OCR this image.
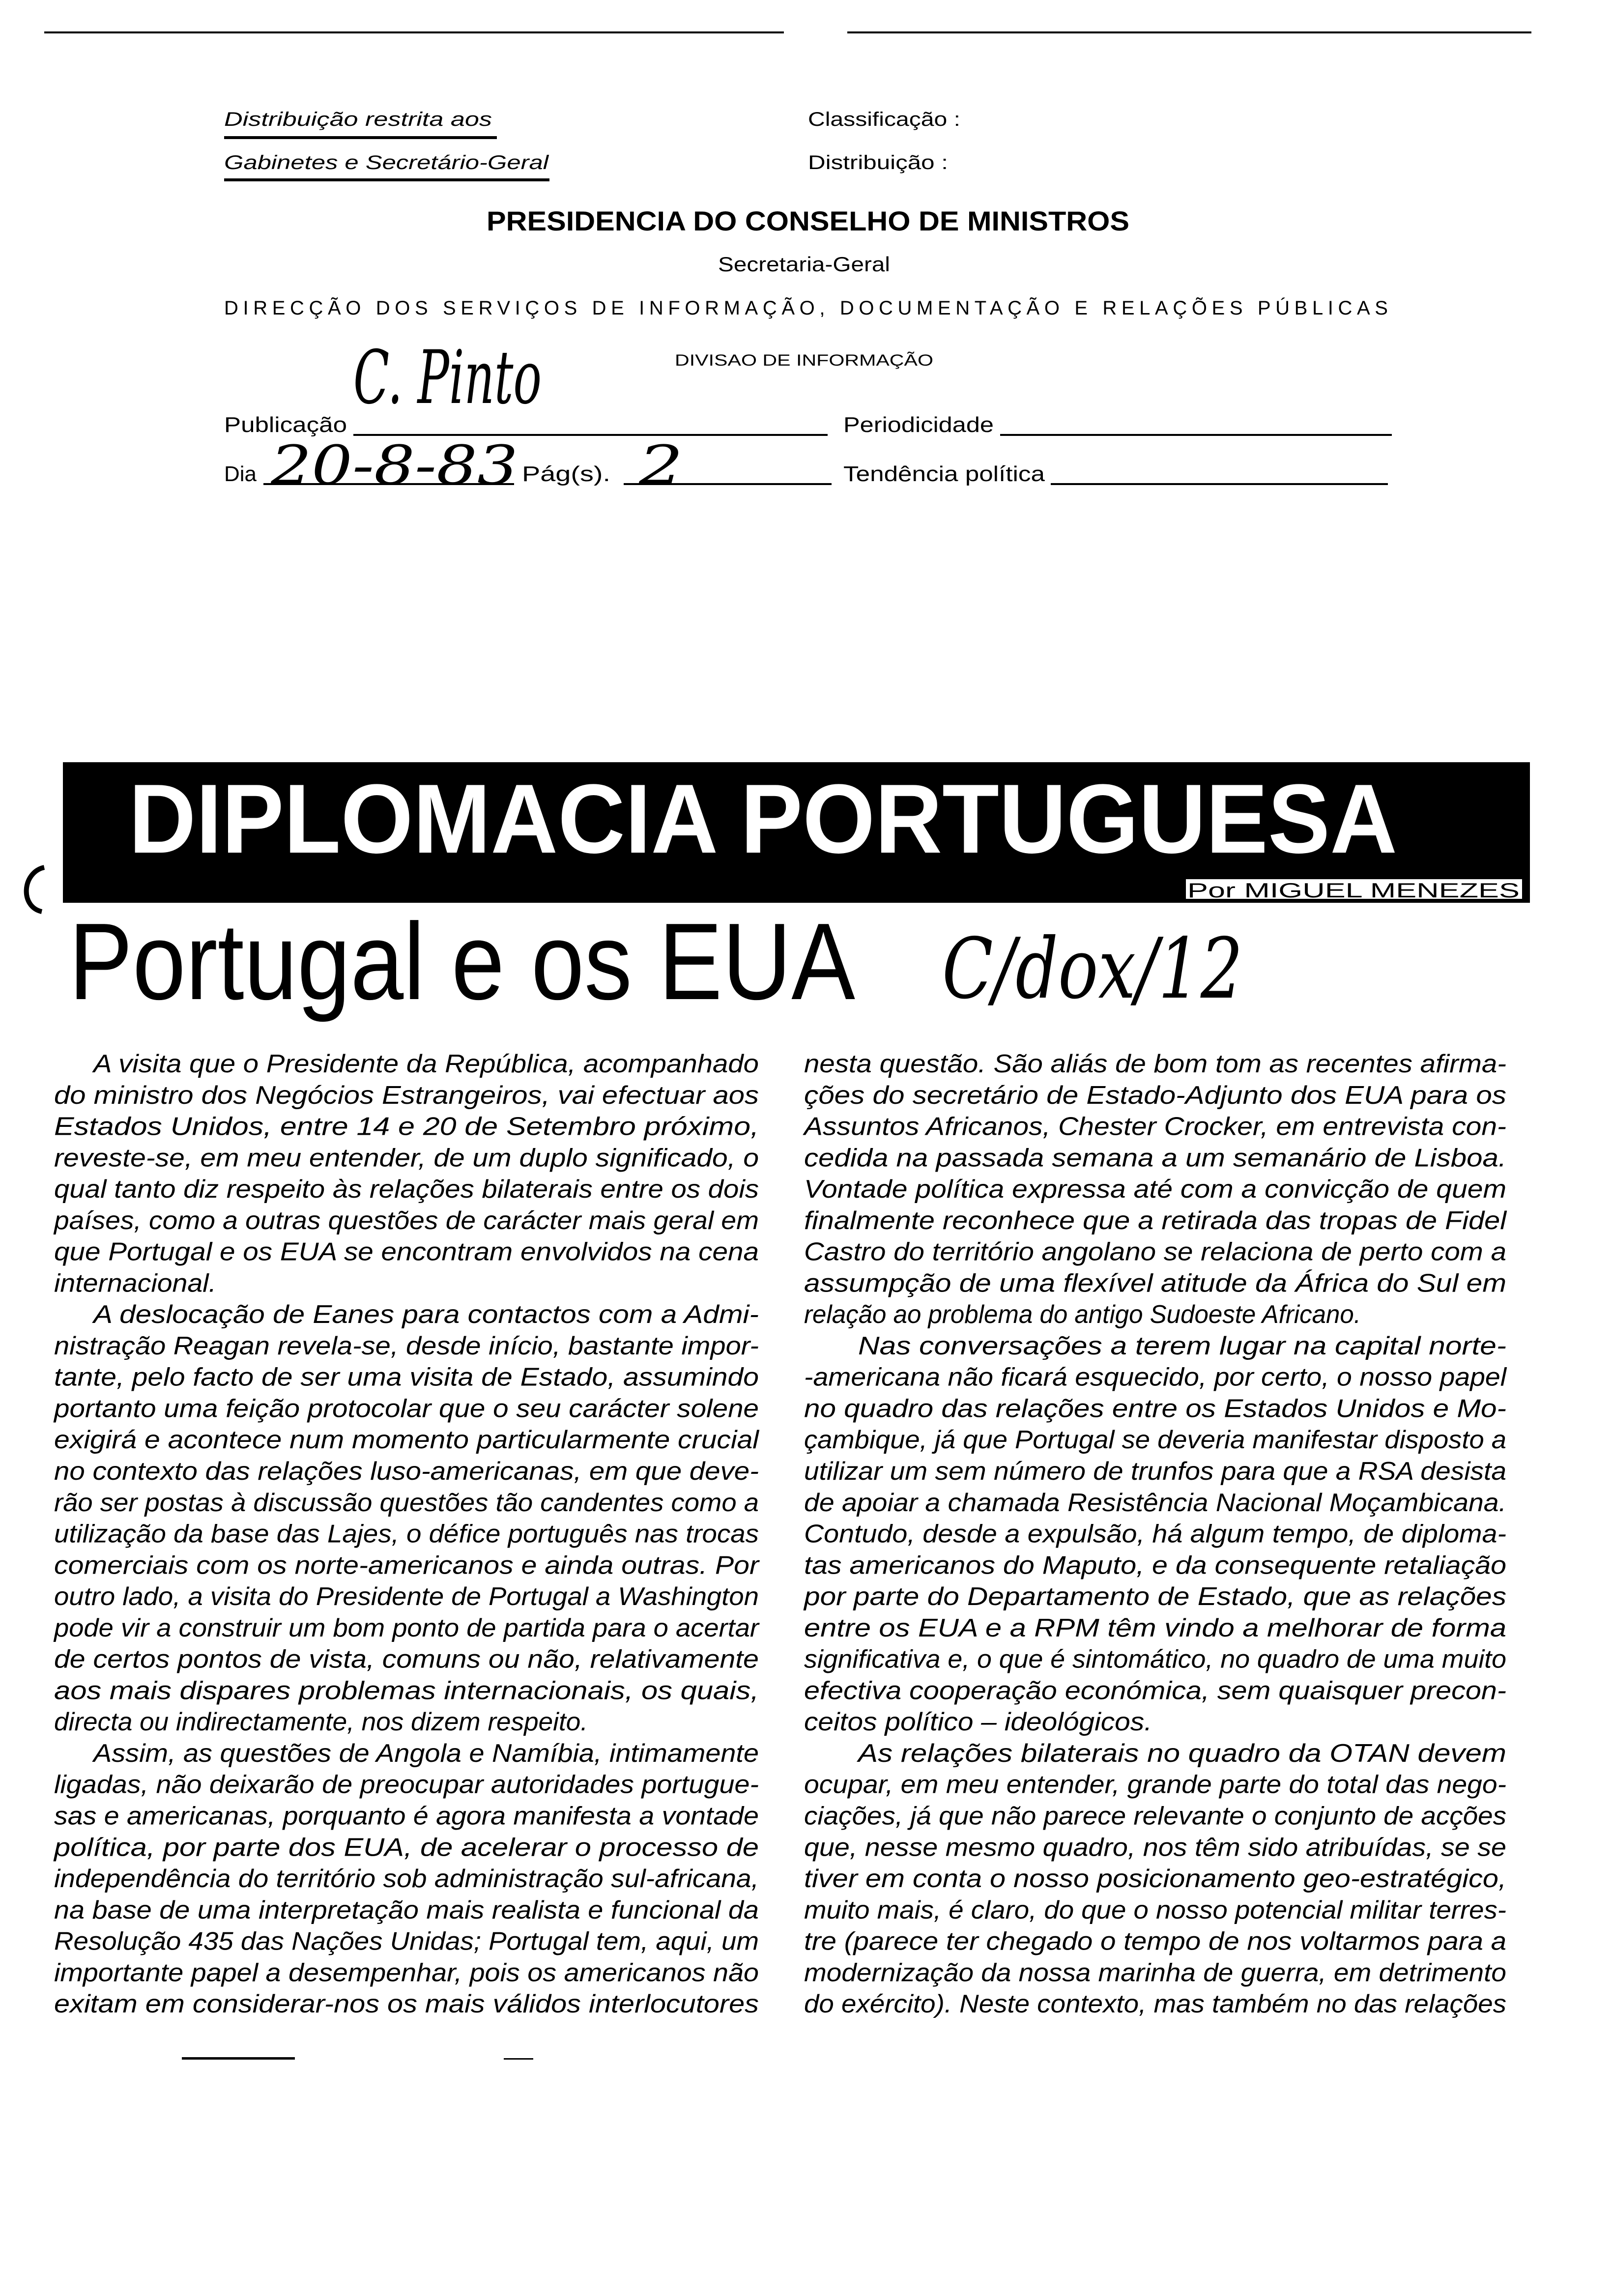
Distribuição restrita aos
Gabinetes e Secretário-Geral
Classificação :
Distribuição :
PRESIDENCIA DO CONSELHO DE MINISTROS
Secretaria-Geral
DIRECÇÃO DOS SERVIÇOS DE INFORMAÇÃO, DOCUMENTAÇÃO E RELAÇÕES PÚBLICAS
DIVISAO DE INFORMAÇÃO
Publicação
C. Pinto
Periodicidade
Dia 20-8-83 Pág(s). 2	Tendência política
DIPLOMACIA PORTUGUESA
Por MIGUEL MENEZES
Portugal e os EUA C/dox/12
A visita que o Presidente da República, acompanhado
do ministro dos Negócios Estrangeiros, vai efectuar aos
Estados Unidos, entre 14 e 20 de Setembro próximo,
reveste-se, em meu entender, de um duplo significado, o
qual tanto diz respeito às relações bilaterais entre os dois
países, como a outras questões de carácter mais geral em
que Portugal e os EUA se encontram envolvidos na cena
internacional.
A deslocação de Eanes para contactos com a Admi-
nistração Reagan revela-se, desde início, bastante impor-
tante, pelo facto de ser uma visita de Estado, assumindo
portanto uma feição protocolar que o seu carácter solene
exigirá e acontece num momento particularmente crucial
no contexto das relações luso-americanas, em que deve-
rão ser postas à discussão questões tão candentes como a
utilização da base das Lajes, o défice português nas trocas
comerciais com os norte-americanos e ainda outras. Por
outro lado, a visita do Presidente de Portugal a Washington
pode vir a construir um bom ponto de partida para o acertar
de certos pontos de vista, comuns ou não, relativamente
aos mais dispares problemas internacionais, os quais,
directa ou indirectamente, nos dizem respeito.
Assim, as questões de Angola e Namíbia, intimamente
ligadas, não deixarão de preocupar autoridades portugue-
sas e americanas, porquanto é agora manifesta a vontade
política, por parte dos EUA, de acelerar o processo de
independência do território sob administração sul-africana,
na base de uma interpretação mais realista e funcional da
Resolução 435 das Nações Unidas; Portugal tem, aqui, um
importante papel a desempenhar, pois os americanos não
exitam em considerar-nos os mais válidos interlocutores
nesta questão. São aliás de bom tom as recentes afirma-
ções do secretário de Estado-Adjunto dos EUA para os
Assuntos Africanos, Chester Crocker, em entrevista con-
cedida na passada semana a um semanário de Lisboa.
Vontade política expressa até com a convicção de quem
finalmente reconhece que a retirada das tropas de Fidel
Castro do território angolano se relaciona de perto com a
assumpção de uma flexível atitude da África do Sul em
relação ao problema do antigo Sudoeste Africano.
Nas conversações a terem lugar na capital norte-
-americana não ficará esquecido, por certo, o nosso papel
no quadro das relações entre os Estados Unidos e Mo-
çambique, já que Portugal se deveria manifestar disposto a
utilizar um sem número de trunfos para que a RSA desista
de apoiar a chamada Resistência Nacional Moçambicana.
Contudo, desde a expulsão, há algum tempo, de diploma-
tas americanos do Maputo, e da consequente retaliação
por parte do Departamento de Estado, que as relações
entre os EUA e a RPM têm vindo a melhorar de forma
significativa e, o que é sintomático, no quadro de uma muito
efectiva cooperação económica, sem quaisquer precon-
ceitos político – ideológicos.
As relações bilaterais no quadro da OTAN devem
ocupar, em meu entender, grande parte do total das nego-
ciações, já que não parece relevante o conjunto de acções
que, nesse mesmo quadro, nos têm sido atribuídas, se se
tiver em conta o nosso posicionamento geo-estratégico,
muito mais, é claro, do que o nosso potencial militar terres-
tre (parece ter chegado o tempo de nos voltarmos para a
modernização da nossa marinha de guerra, em detrimento
do exército). Neste contexto, mas também no das relações
